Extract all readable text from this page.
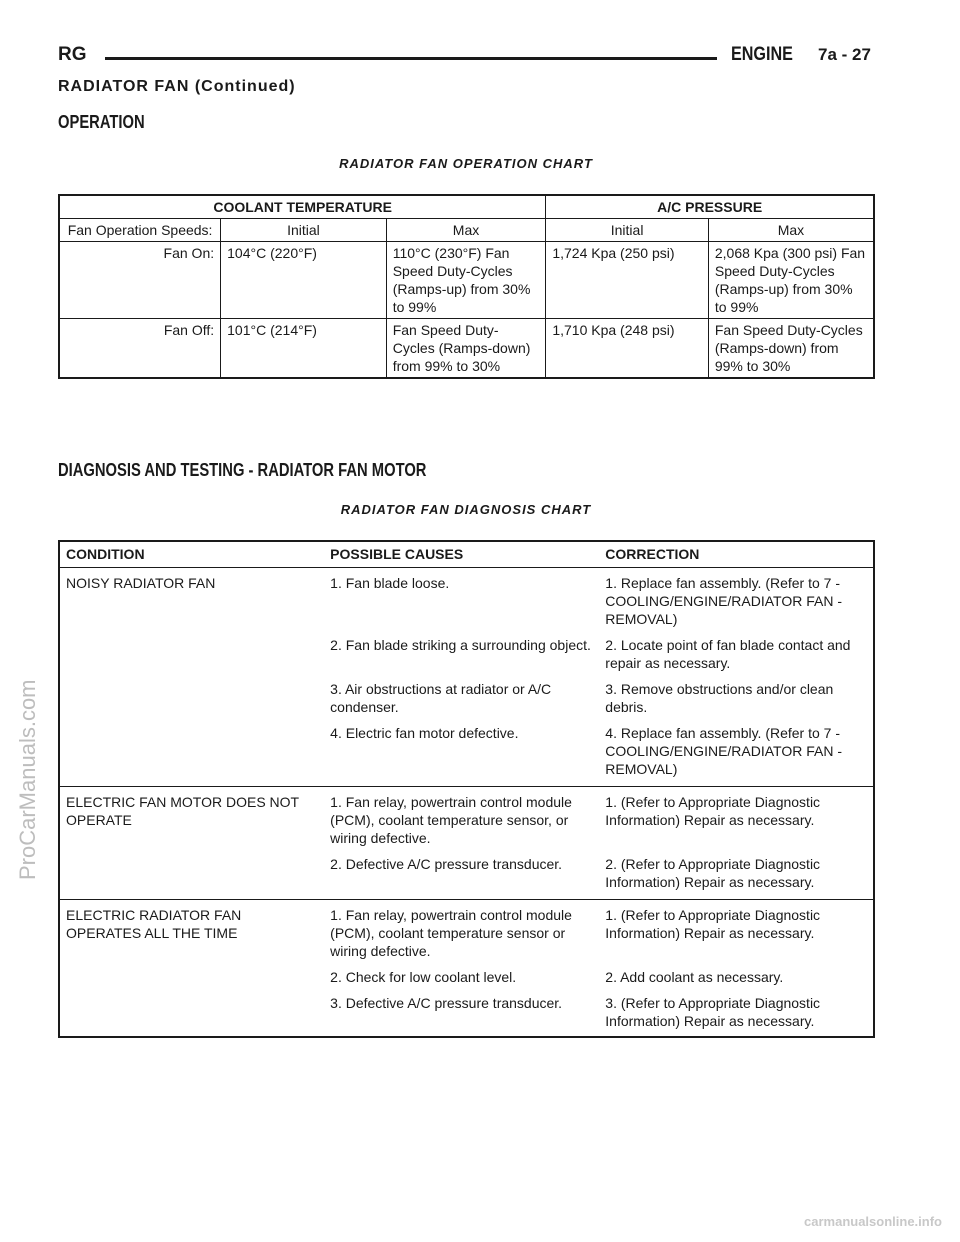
RG	ENGINE 7a - 27
RADIATOR FAN (Continued)
OPERATION
RADIATOR FAN OPERATION CHART
COOLANT TEMPERATURE			A/C PRESSURE	
Fan Operation Speeds:	Initial	Max	Initial	Max
Fan On:	104°C (220°F)	110°C (230°F) Fan Speed Duty-Cycles (Ramps-up) from 30% to 99%	1,724 Kpa (250 psi)	2,068 Kpa (300 psi) Fan Speed Duty-Cycles (Ramps-up) from 30% to 99%
Fan Off:	101°C (214°F)	Fan Speed Duty-Cycles (Ramps-down) from 99% to 30%	1,710 Kpa (248 psi)	Fan Speed Duty-Cycles (Ramps-down) from 99% to 30%
DIAGNOSIS AND TESTING - RADIATOR FAN MOTOR
RADIATOR FAN DIAGNOSIS CHART
CONDITION	POSSIBLE CAUSES	CORRECTION
NOISY RADIATOR FAN	1. Fan blade loose.	1. Replace fan assembly. (Refer to 7 - COOLING/ENGINE/RADIATOR FAN - REMOVAL)
	2. Fan blade striking a surrounding object.	2. Locate point of fan blade contact and repair as necessary.
	3. Air obstructions at radiator or A/C condenser.	3. Remove obstructions and/or clean debris.
	4. Electric fan motor defective.	4. Replace fan assembly. (Refer to 7 - COOLING/ENGINE/RADIATOR FAN - REMOVAL)
ELECTRIC FAN MOTOR DOES NOT OPERATE	1. Fan relay, powertrain control module (PCM), coolant temperature sensor, or wiring defective.	1. (Refer to Appropriate Diagnostic Information) Repair as necessary.
	2. Defective A/C pressure transducer.	2. (Refer to Appropriate Diagnostic Information) Repair as necessary.
ELECTRIC RADIATOR FAN OPERATES ALL THE TIME	1. Fan relay, powertrain control module (PCM), coolant temperature sensor or wiring defective.	1. (Refer to Appropriate Diagnostic Information) Repair as necessary.
	2. Check for low coolant level.	2. Add coolant as necessary.
	3. Defective A/C pressure transducer.	3. (Refer to Appropriate Diagnostic Information) Repair as necessary.
ProCarManuals.com
carmanualsonline.info
